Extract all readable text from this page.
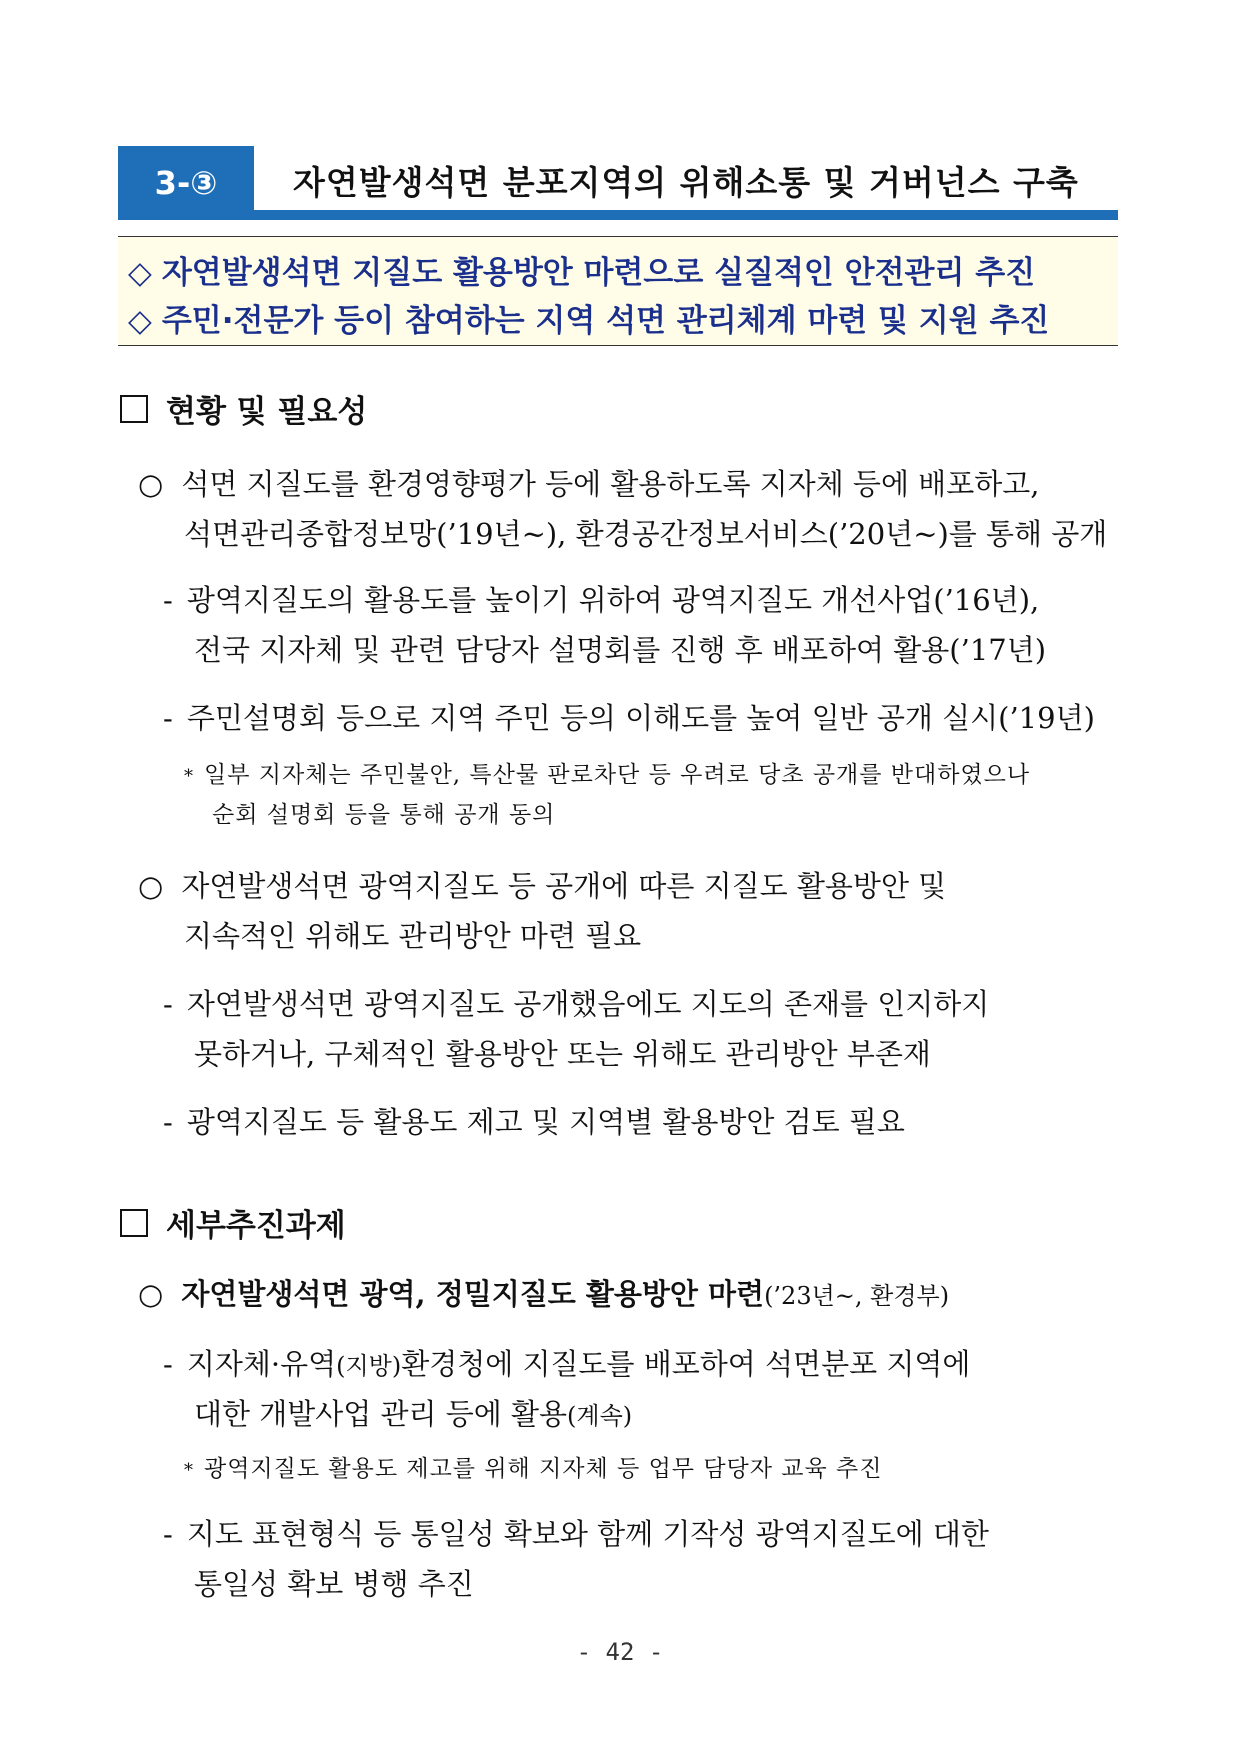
3-③	자연발생석면 분포지역의 위해소통 및 거버넌스 구축
◇ 자연발생석면 지질도 활용방안 마련으로 실질적인 안전관리 추진
◇ 주민·전문가 등이 참여하는 지역 석면 관리체계 마련 및 지원 추진
현황 및 필요성
○ 석면 지질도를 환경영향평가 등에 활용하도록 지자체 등에 배포하고,
석면관리종합정보망(’19년~), 환경공간정보서비스(’20년~)를 통해 공개
- 광역지질도의 활용도를 높이기 위하여 광역지질도 개선사업(’16년),
전국 지자체 및 관련 담당자 설명회를 진행 후 배포하여 활용(’17년)
- 주민설명회 등으로 지역 주민 등의 이해도를 높여 일반 공개 실시(’19년)
* 일부 지자체는 주민불안, 특산물 판로차단 등 우려로 당초 공개를 반대하였으나
순회 설명회 등을 통해 공개 동의
○ 자연발생석면 광역지질도 등 공개에 따른 지질도 활용방안 및
지속적인 위해도 관리방안 마련 필요
- 자연발생석면 광역지질도 공개했음에도 지도의 존재를 인지하지
못하거나, 구체적인 활용방안 또는 위해도 관리방안 부존재
- 광역지질도 등 활용도 제고 및 지역별 활용방안 검토 필요
세부추진과제
○ 자연발생석면 광역, 정밀지질도 활용방안 마련(’23년~, 환경부)
- 지자체·유역(지방)환경청에 지질도를 배포하여 석면분포 지역에
대한 개발사업 관리 등에 활용(계속)
* 광역지질도 활용도 제고를 위해 지자체 등 업무 담당자 교육 추진
- 지도 표현형식 등 통일성 확보와 함께 기작성 광역지질도에 대한
통일성 확보 병행 추진
- 42 -
